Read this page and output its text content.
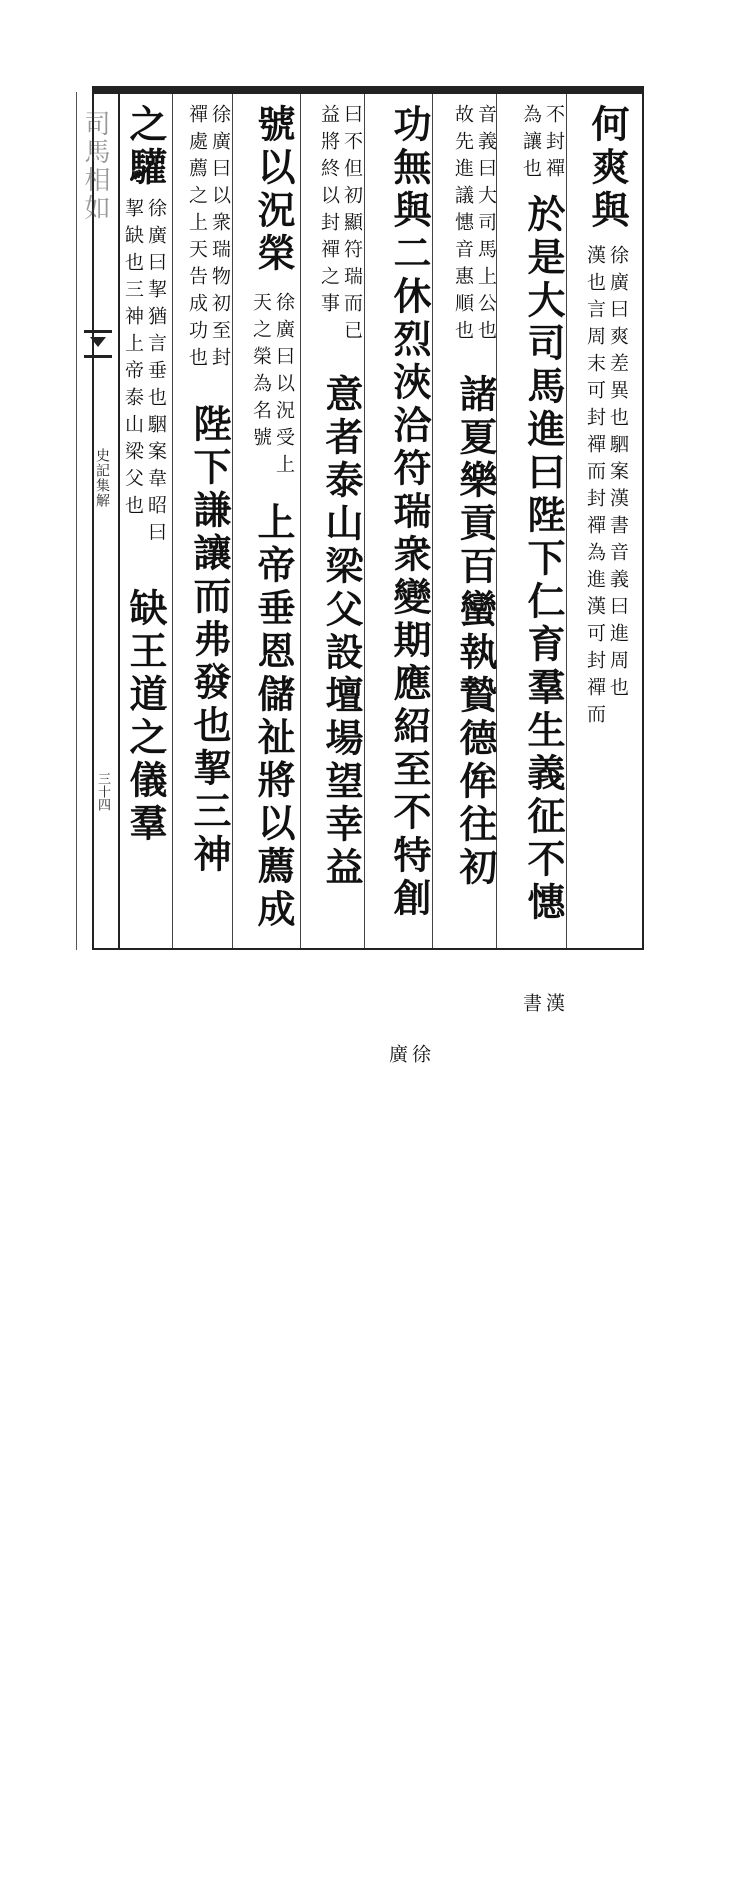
司馬相如
史記集解
三十四
何爽與
徐廣曰爽差異也駟案漢書音義曰進周也
漢也言周末可封禪而封禪為進漢可封禪而
不封禪
為讓也
於是大司馬進曰陛下仁育羣生義征不憓
漢
書
音義曰大司馬上公也
故先進議憓音惠順也
諸夏樂貢百蠻執贄德侔往初
功無與二休烈浹洽符瑞衆變期應紹至不特創
徐
廣
曰不但初顯符瑞而已
益將終以封禪之事
意者泰山梁父設壇場望幸益
號以況榮
徐廣曰以況受上
天之榮為名號
上帝垂恩儲祉將以薦成
徐廣曰以衆瑞物初至封
禪處薦之上天告成功也
陛下謙讓而弗發也挈三神
之驩
徐廣曰挈猶言垂也駰案韋昭曰
挈缺也三神上帝泰山梁父也
缺王道之儀羣
